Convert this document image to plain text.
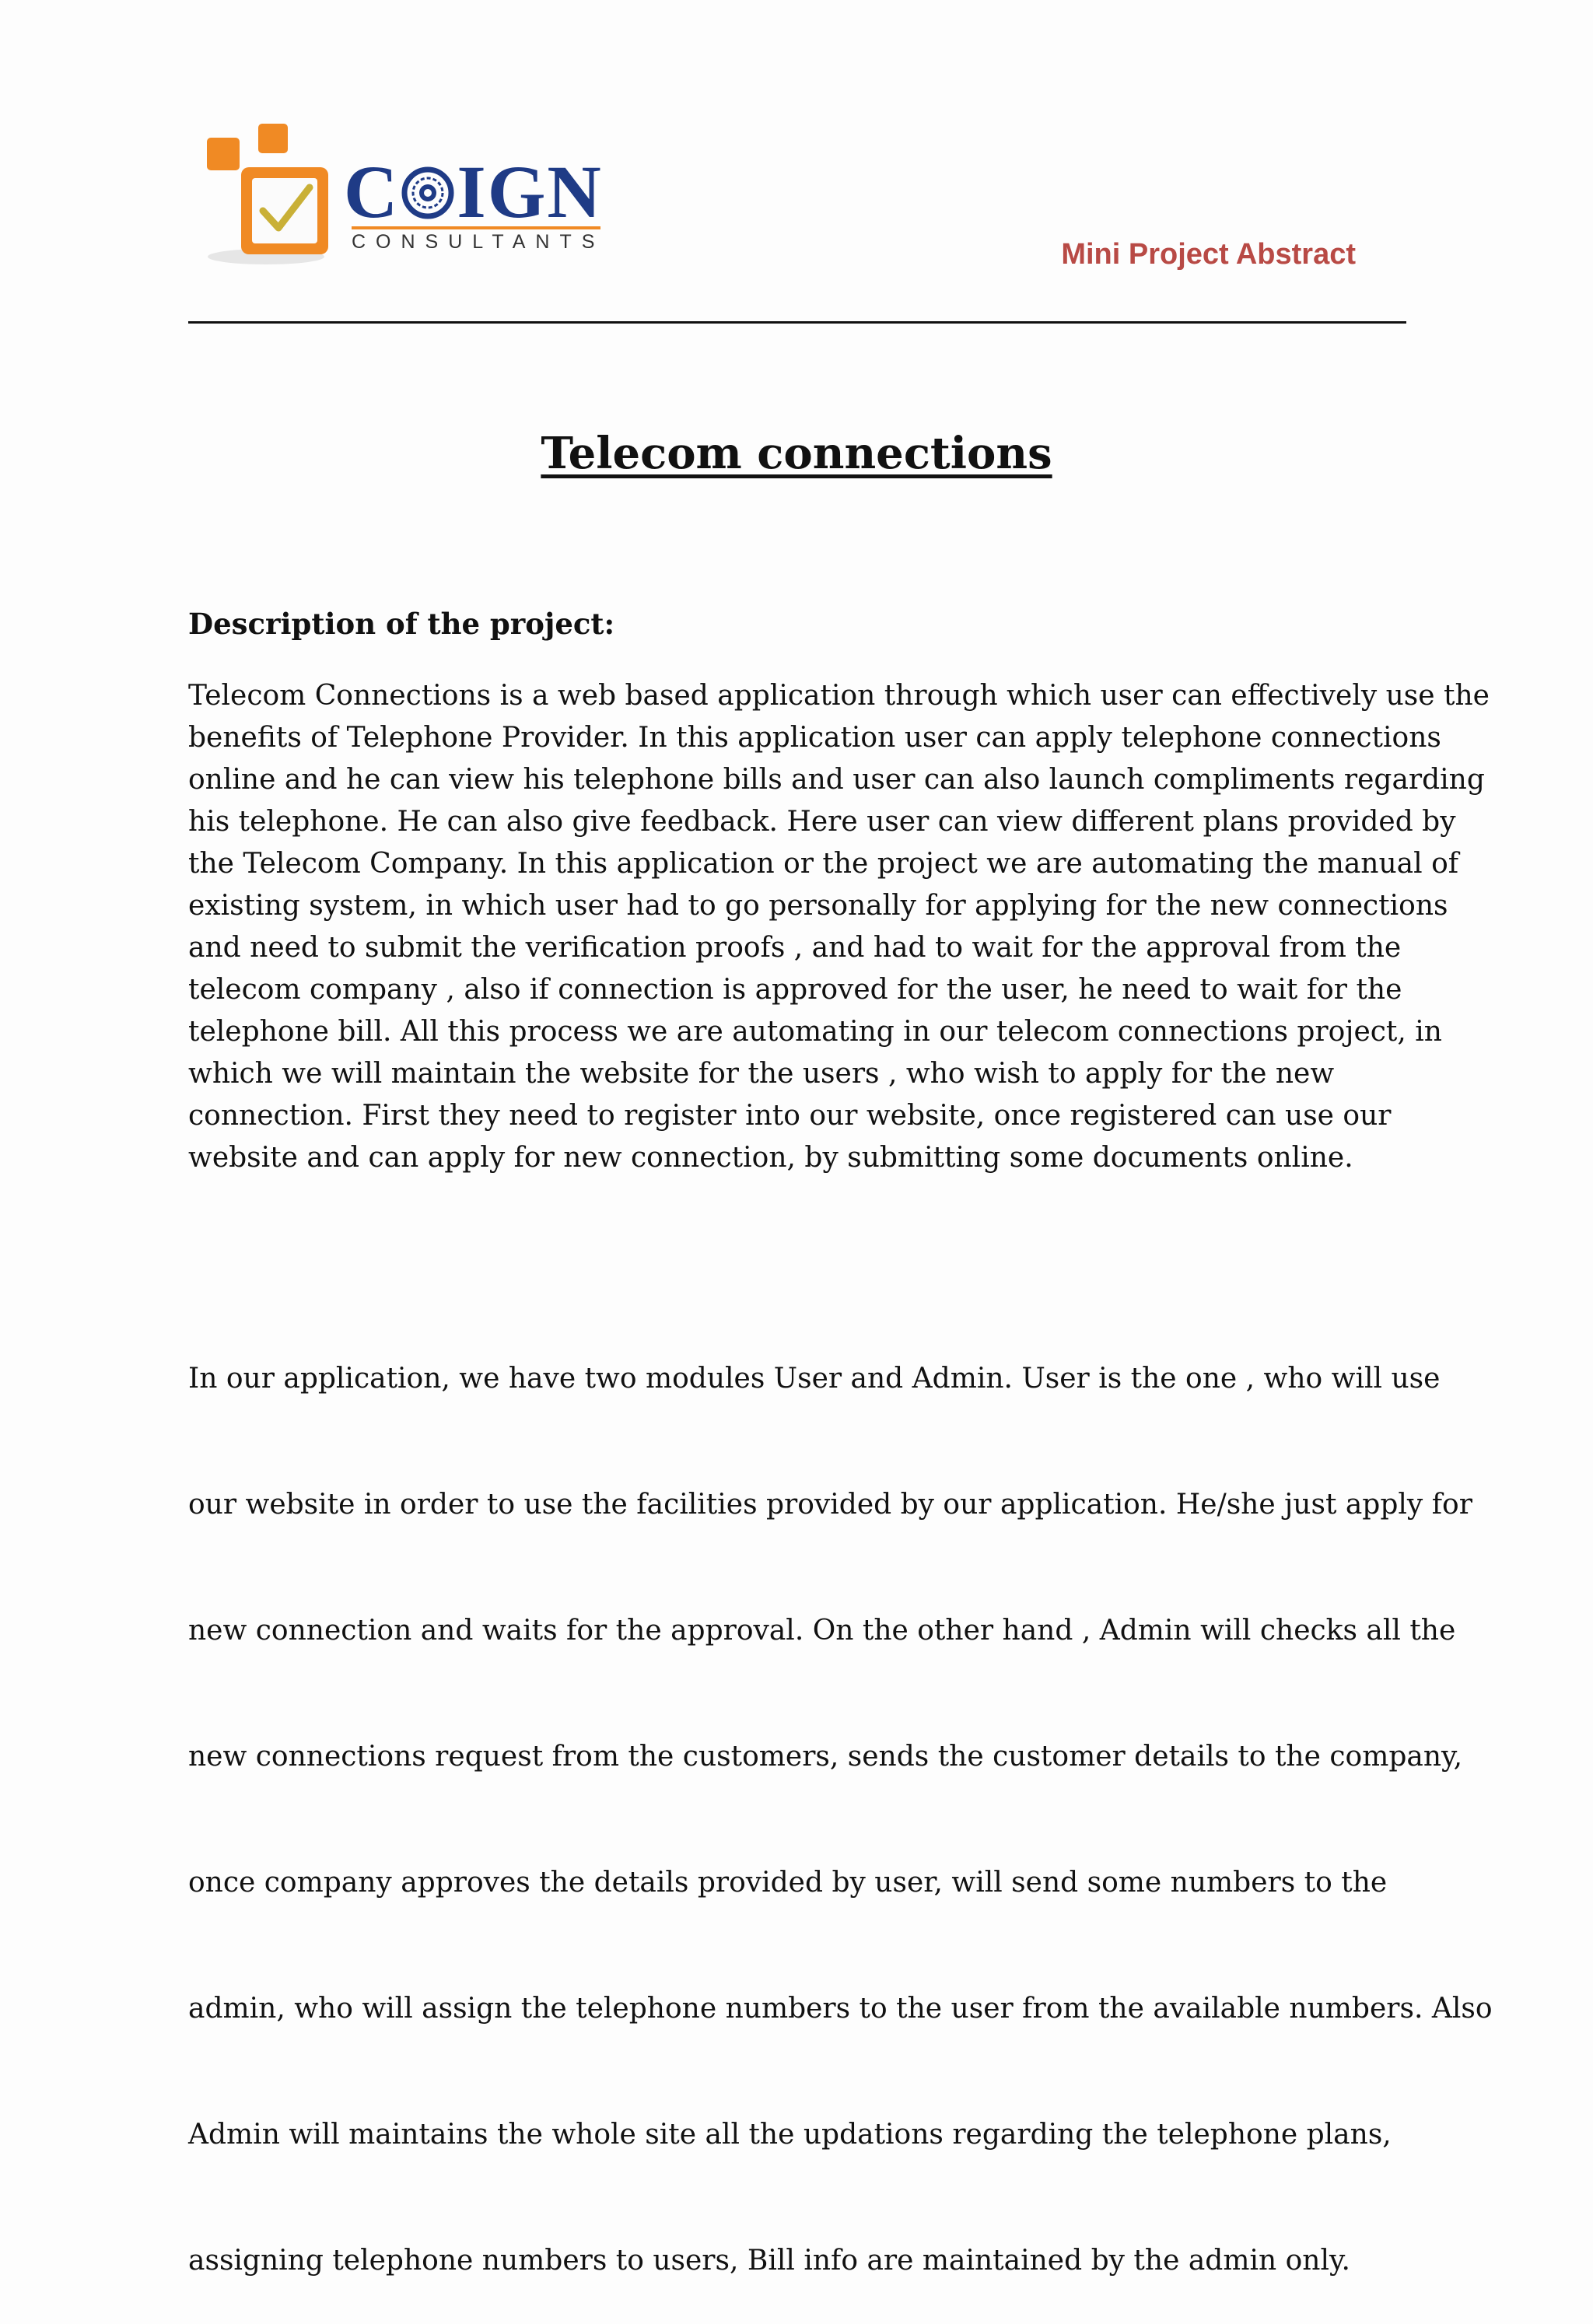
C IGN
CONSULTANTS	Mini Project Abstract
Telecom connections
Description of the project:

Telecom Connections is a web based application through which user can effectively use the
benefits of Telephone Provider. In this application user can apply telephone connections
online and he can view his telephone bills and user can also launch compliments regarding
his telephone. He can also give feedback. Here user can view different plans provided by
the Telecom Company. In this application or the project we are automating the manual of
existing system, in which user had to go personally for applying for the new connections
and need to submit the verification proofs , and had to wait for the approval from the
telecom company , also if connection is approved for the user, he need to wait for the
telephone bill. All this process we are automating in our telecom connections project, in
which we will maintain the website for the users , who wish to apply for the new
connection. First they need to register into our website, once registered can use our
website and can apply for new connection, by submitting some documents online.

In our application, we have two modules User and Admin. User is the one , who will use

our website in order to use the facilities provided by our application. He/she just apply for

new connection and waits for the approval. On the other hand , Admin will checks all the

new connections request from the customers, sends the customer details to the company,

once company approves the details provided by user, will send some numbers to the

admin, who will assign the telephone numbers to the user from the available numbers. Also

Admin will maintains the whole site all the updations regarding the telephone plans,

assigning telephone numbers to users, Bill info are maintained by the admin only.
